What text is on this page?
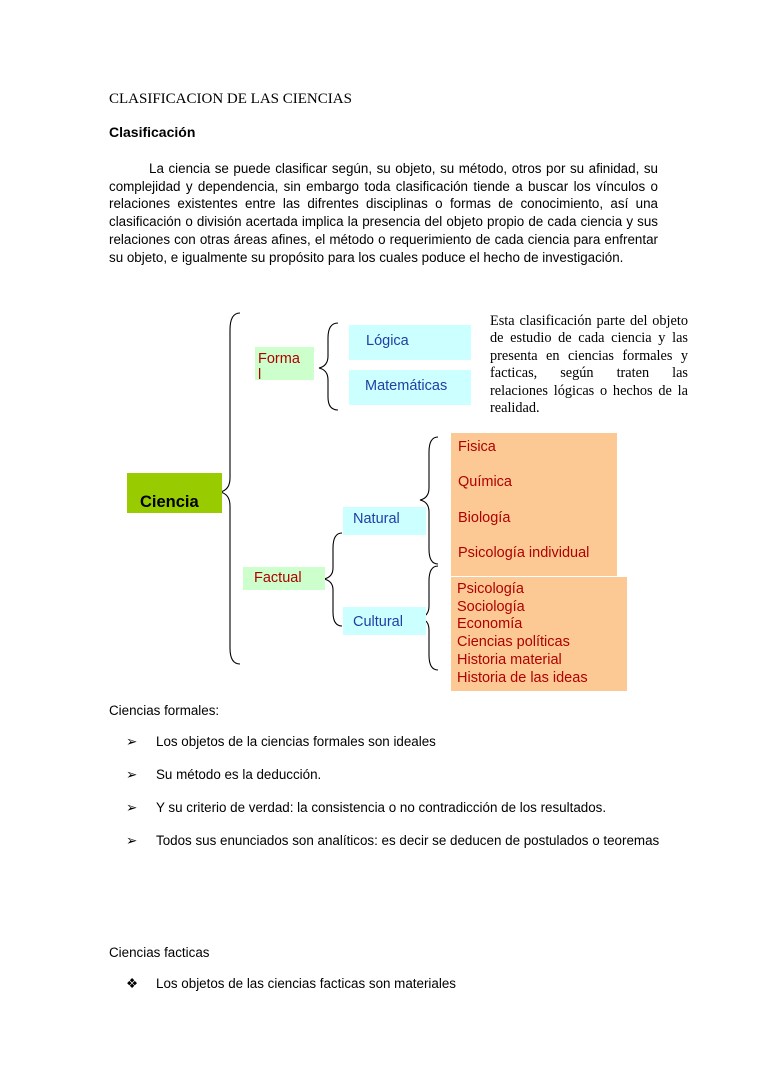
CLASIFICACION DE LAS CIENCIAS
Clasificación
La ciencia se puede clasificar según, su objeto, su método, otros por su afinidad, su complejidad y dependencia, sin embargo toda clasificación tiende a buscar los vínculos o relaciones existentes entre las difrentes disciplinas o formas de conocimiento, así una clasificación o división acertada implica la presencia del objeto propio de cada ciencia y sus relaciones con otras áreas afines, el método o requerimiento de cada ciencia para enfrentar su objeto, e igualmente su propósito para los cuales poduce el hecho de investigación.
Esta clasificación parte del objeto de estudio de cada ciencia y las presenta en ciencias formales y facticas, según traten las relaciones lógicas o hechos de la realidad.
Ciencia
Forma
l
Factual
Lógica
Matemáticas
Natural
Cultural
Fisica
Química
Biología
Psicología individual
Psicología
Sociología
Economía
Ciencias políticas
Historia material
Historia de las ideas
Ciencias formales:
➢	Los objetos de la ciencias formales son ideales
➢	Su método es la deducción.
➢	Y su criterio de verdad: la consistencia o no contradicción de los resultados.
➢	Todos sus enunciados son analíticos: es decir se deducen de postulados o teoremas
Ciencias facticas
❖	Los objetos de las ciencias facticas son materiales
